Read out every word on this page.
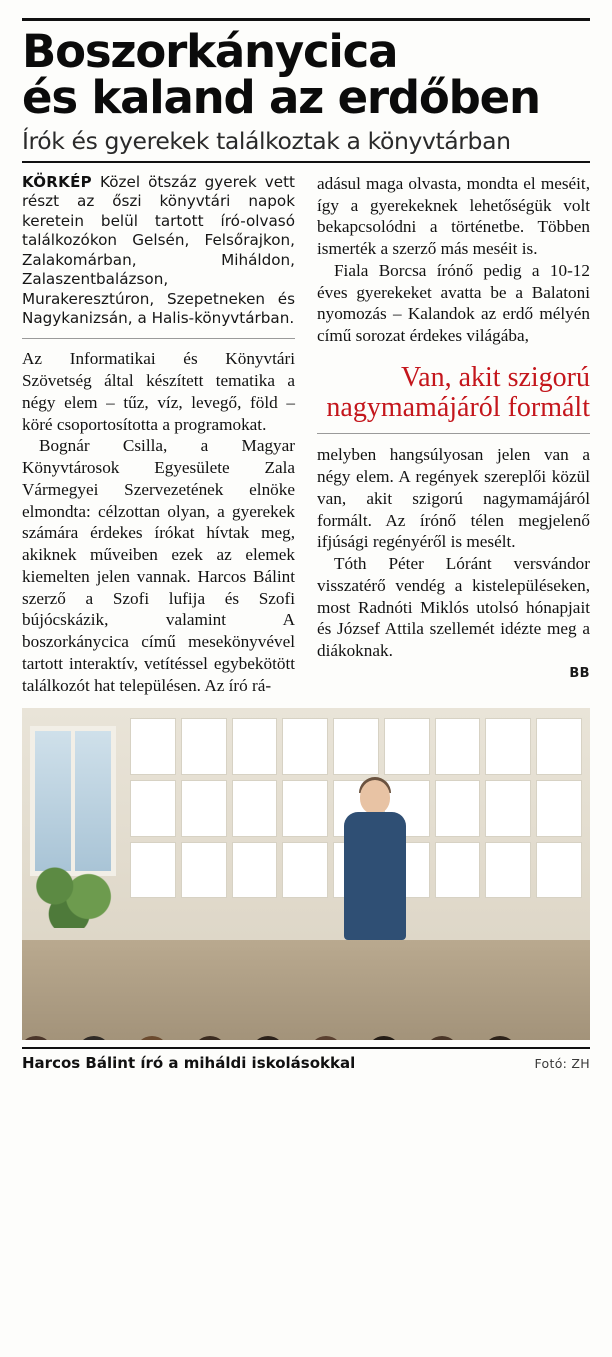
Boszorkánycica
és kaland az erdőben
Írók és gyerekek találkoztak a könyvtárban

KÖRKÉP Közel ötszáz gyerek vett részt az őszi könyvtári napok keretein belül tartott író-olvasó találkozókon Gelsén, Felsőrajkon, Zalakomárban, Miháldon, Zalaszentbalázson, Murakeresztúron, Szepetneken és Nagykanizsán, a Halis-könyvtárban.

Az Informatikai és Könyvtári Szövetség által készített tematika a négy elem – tűz, víz, levegő, föld – köré csoportosította a programokat.

Bognár Csilla, a Magyar Könyvtárosok Egyesülete Zala Vármegyei Szervezetének elnöke elmondta: célzottan olyan, a gyerekek számára érdekes írókat hívtak meg, akiknek műveiben ezek az elemek kiemelten jelen vannak. Harcos Bálint szerző a Szofi lufija és Szofi bújócskázik, valamint A boszorkánycica című mesekönyvével tartott interaktív, vetítéssel egybekötött találkozót hat településen. Az író rá-

adásul maga olvasta, mondta el meséit, így a gyerekeknek lehetőségük volt bekapcsolódni a történetbe. Többen ismerték a szerző más meséit is.

Fiala Borcsa írónő pedig a 10-12 éves gyerekeket avatta be a Balatoni nyomozás – Kalandok az erdő mélyén című sorozat érdekes világába,

Van, akit szigorú nagymamájáról formált

melyben hangsúlyosan jelen van a négy elem. A regények szereplői közül van, akit szigorú nagymamájáról formált. Az írónő télen megjelenő ifjúsági regényéről is mesélt.

Tóth Péter Lóránt versvándor visszatérő vendég a kistelepüléseken, most Radnóti Miklós utolsó hónapjait és József Attila szellemét idézte meg a diákoknak.

BB
Harcos Bálint író a miháldi iskolásokkal	Fotó: ZH
